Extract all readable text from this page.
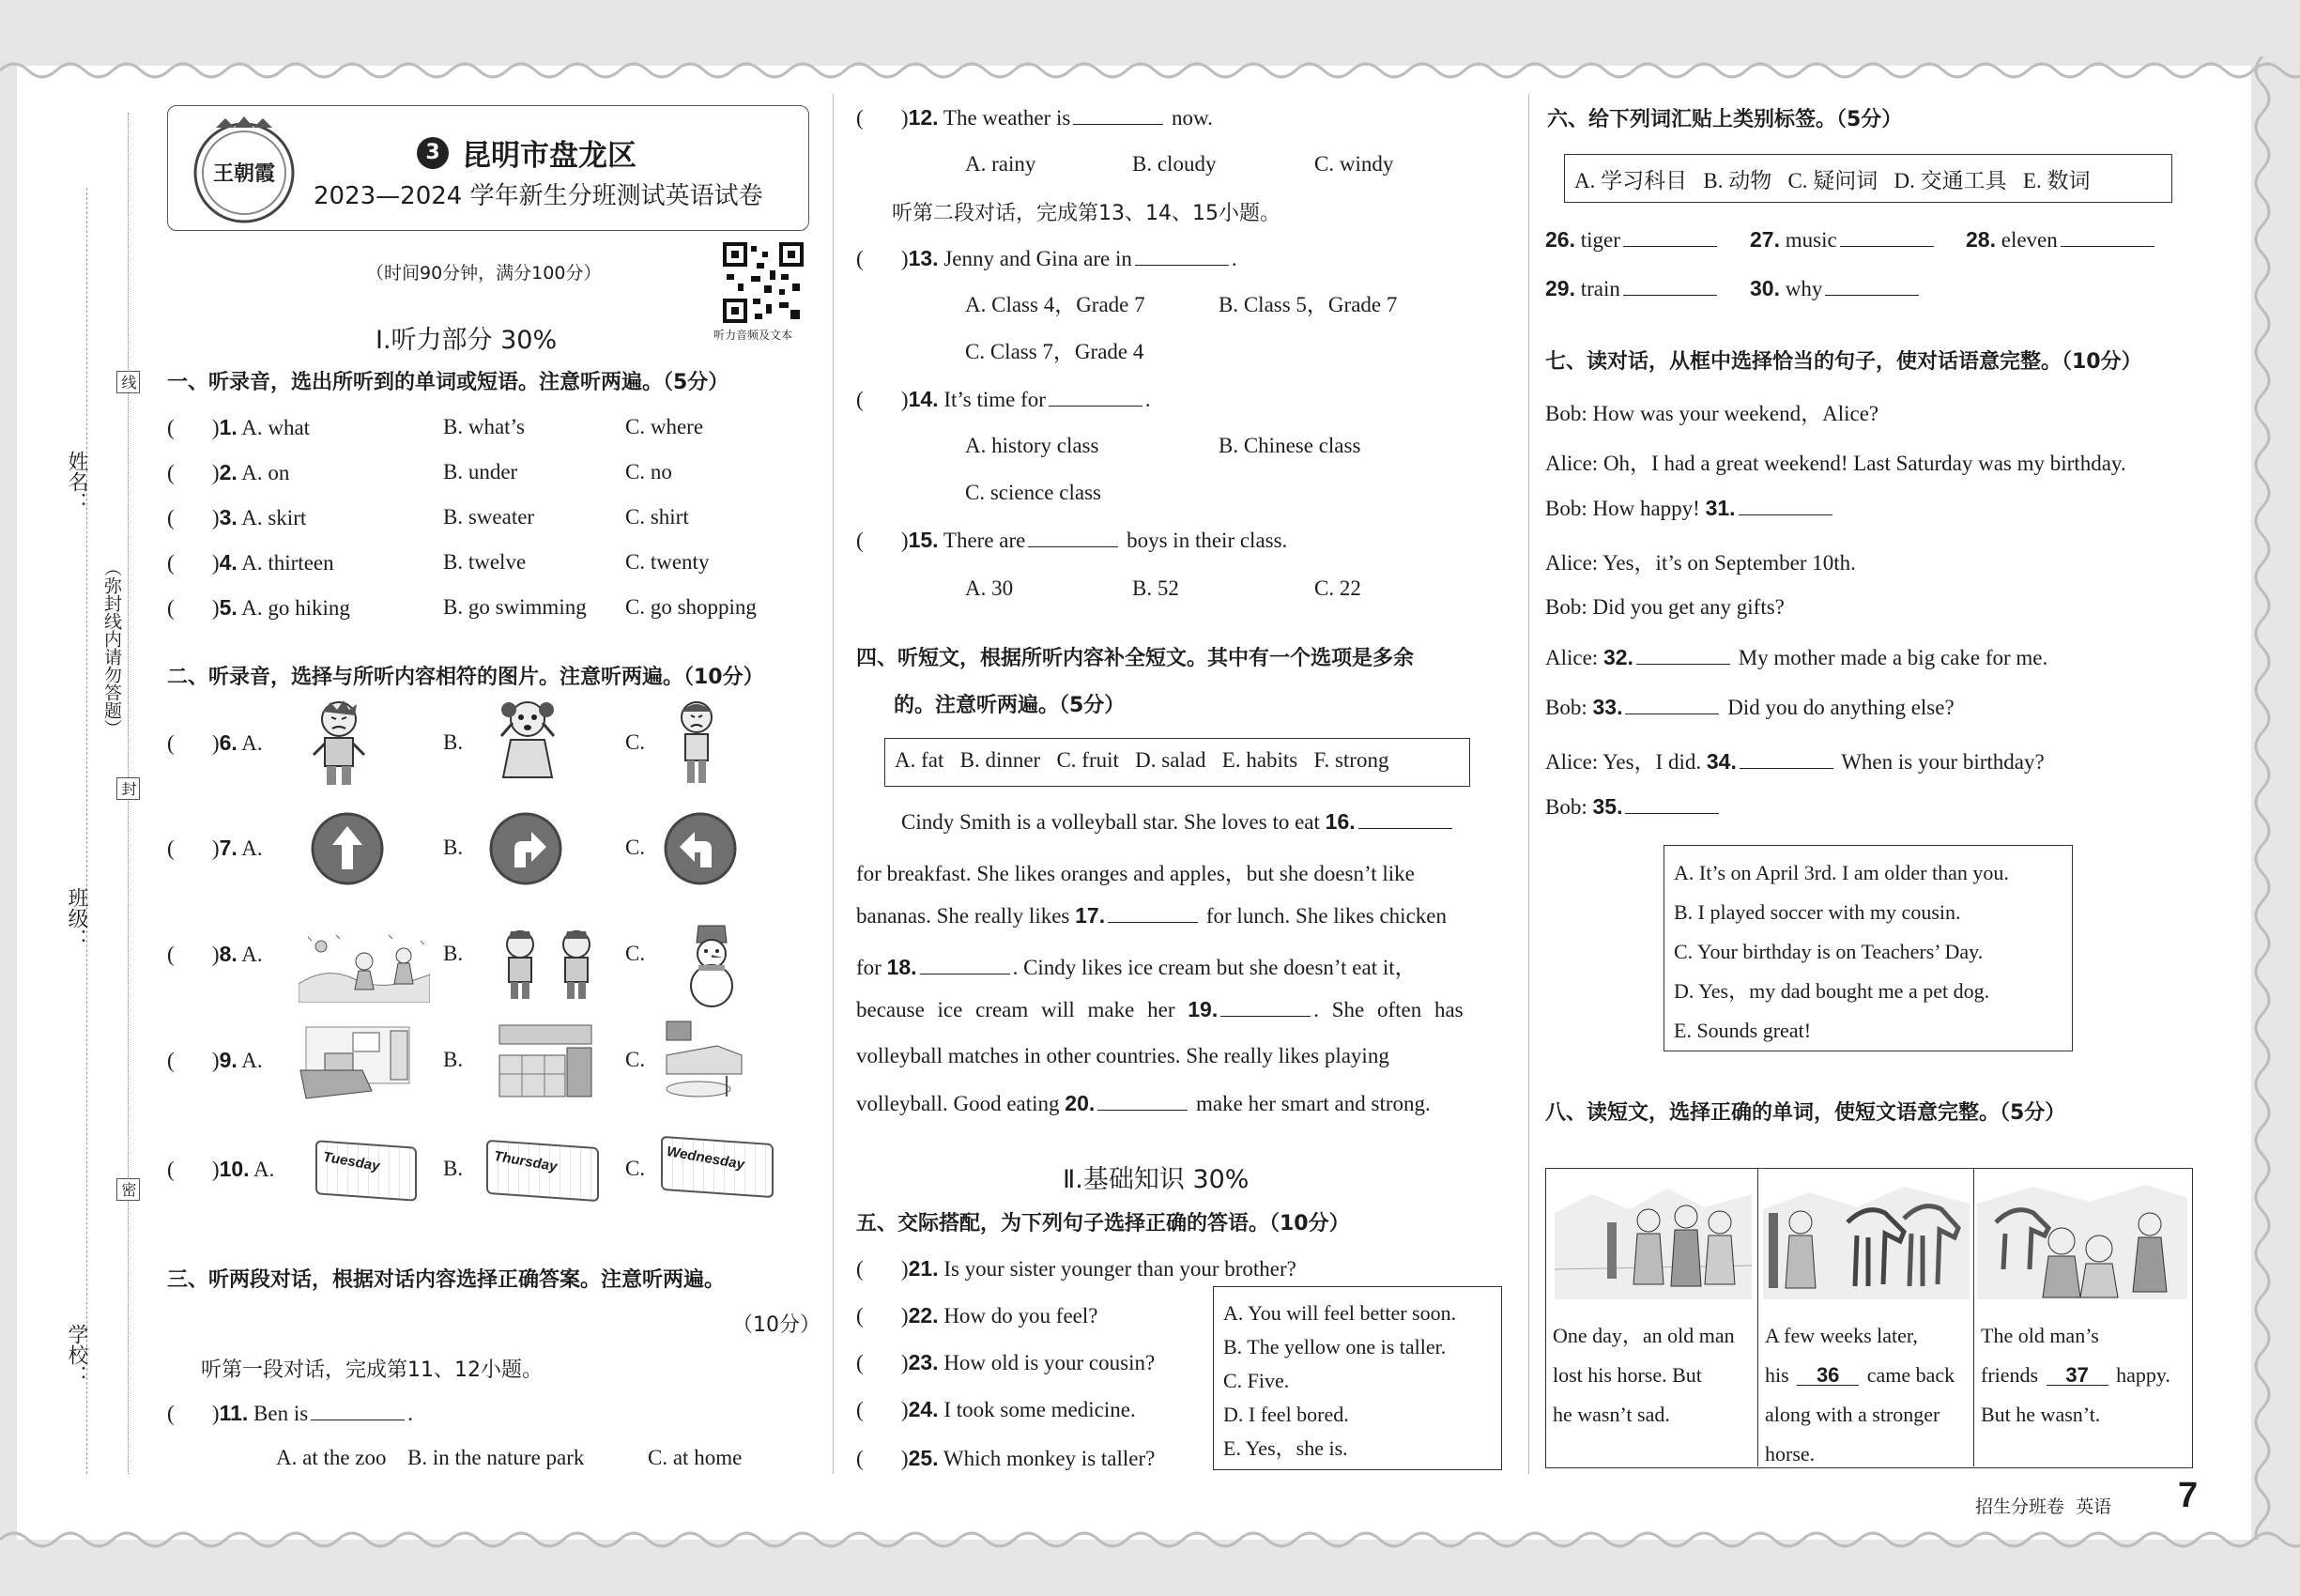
姓名：
班级：
学校：
（弥封线内请勿答题）
线
封
密
王朝霞
3 昆明市盘龙区
2023—2024 学年新生分班测试英语试卷
（时间90分钟，满分100分）
听力音频及文本
Ⅰ.听力部分 30%
一、听录音，选出所听到的单词或短语。注意听两遍。（5分）
(       )1. A. what	B. what’s	C. where
(       )2. A. on	B. under	C. no
(       )3. A. skirt	B. sweater	C. shirt
(       )4. A. thirteen	B. twelve	C. twenty
(       )5. A. go hiking	B. go swimming C. go shopping
二、听录音，选择与所听内容相符的图片。注意听两遍。（10分）
(       )6. A.	B.	C.
(       )7. A.	B.	C.
(       )8. A.	B.	C.
(       )9. A.	B.	C.
(       )10. A.	Tuesday	B. Thursday	C. Wednesday
三、听两段对话，根据对话内容选择正确答案。注意听两遍。
（10分）
听第一段对话，完成第11、12小题。
(       )11. Ben is	.
A. at the zoo B. in the nature park	C. at home
(       )12. The weather is	now.
A. rainy	B. cloudy	C. windy
听第二段对话，完成第13、14、15小题。
(       )13. Jenny and Gina are in	.
A. Class 4，Grade 7	B. Class 5，Grade 7
C. Class 7，Grade 4
(       )14. It’s time for	.
A. history class	B. Chinese class
C. science class
(       )15. There are	boys in their class.
A. 30	B. 52	C. 22
四、听短文，根据所听内容补全短文。其中有一个选项是多余
的。注意听两遍。（5分）
A. fat   B. dinner   C. fruit   D. salad   E. habits   F. strong
Cindy Smith is a volleyball star. She loves to eat 16.
for breakfast. She likes oranges and apples，but she doesn’t like
bananas. She really likes 17.	for lunch. She likes chicken
for 18.	. Cindy likes ice cream but she doesn’t eat it，
because ice cream will make her 19.	. She often has
volleyball matches in other countries. She really likes playing
volleyball. Good eating 20.	make her smart and strong.
Ⅱ.基础知识 30%
五、交际搭配，为下列句子选择正确的答语。（10分）
(       )21. Is your sister younger than your brother?
(       )22. How do you feel?
(       )23. How old is your cousin?
(       )24. I took some medicine.
(       )25. Which monkey is taller?
A. You will feel better soon.
B. The yellow one is taller.
C. Five.
D. I feel bored.
E. Yes，she is.
六、给下列词汇贴上类别标签。（5分）
A. 学习科目   B. 动物   C. 疑问词   D. 交通工具   E. 数词
26. tiger	27. music	28. eleven
29. train	30. why
七、读对话，从框中选择恰当的句子，使对话语意完整。（10分）
Bob: How was your weekend，Alice?
Alice: Oh，I had a great weekend! Last Saturday was my birthday.
Bob: How happy! 31.
Alice: Yes，it’s on September 10th.
Bob: Did you get any gifts?
Alice: 32.	My mother made a big cake for me.
Bob: 33.	Did you do anything else?
Alice: Yes，I did. 34.	When is your birthday?
Bob: 35.
A. It’s on April 3rd. I am older than you.
B. I played soccer with my cousin.
C. Your birthday is on Teachers’ Day.
D. Yes，my dad bought me a pet dog.
E. Sounds great!
八、读短文，选择正确的单词，使短文语意完整。（5分）
One day，an old man
lost his horse. But
he wasn’t sad.
A few weeks later,
his 36 came back
along with a stronger
horse.
The old man’s
friends 37 happy.
But he wasn’t.
招生分班卷  英语 7
